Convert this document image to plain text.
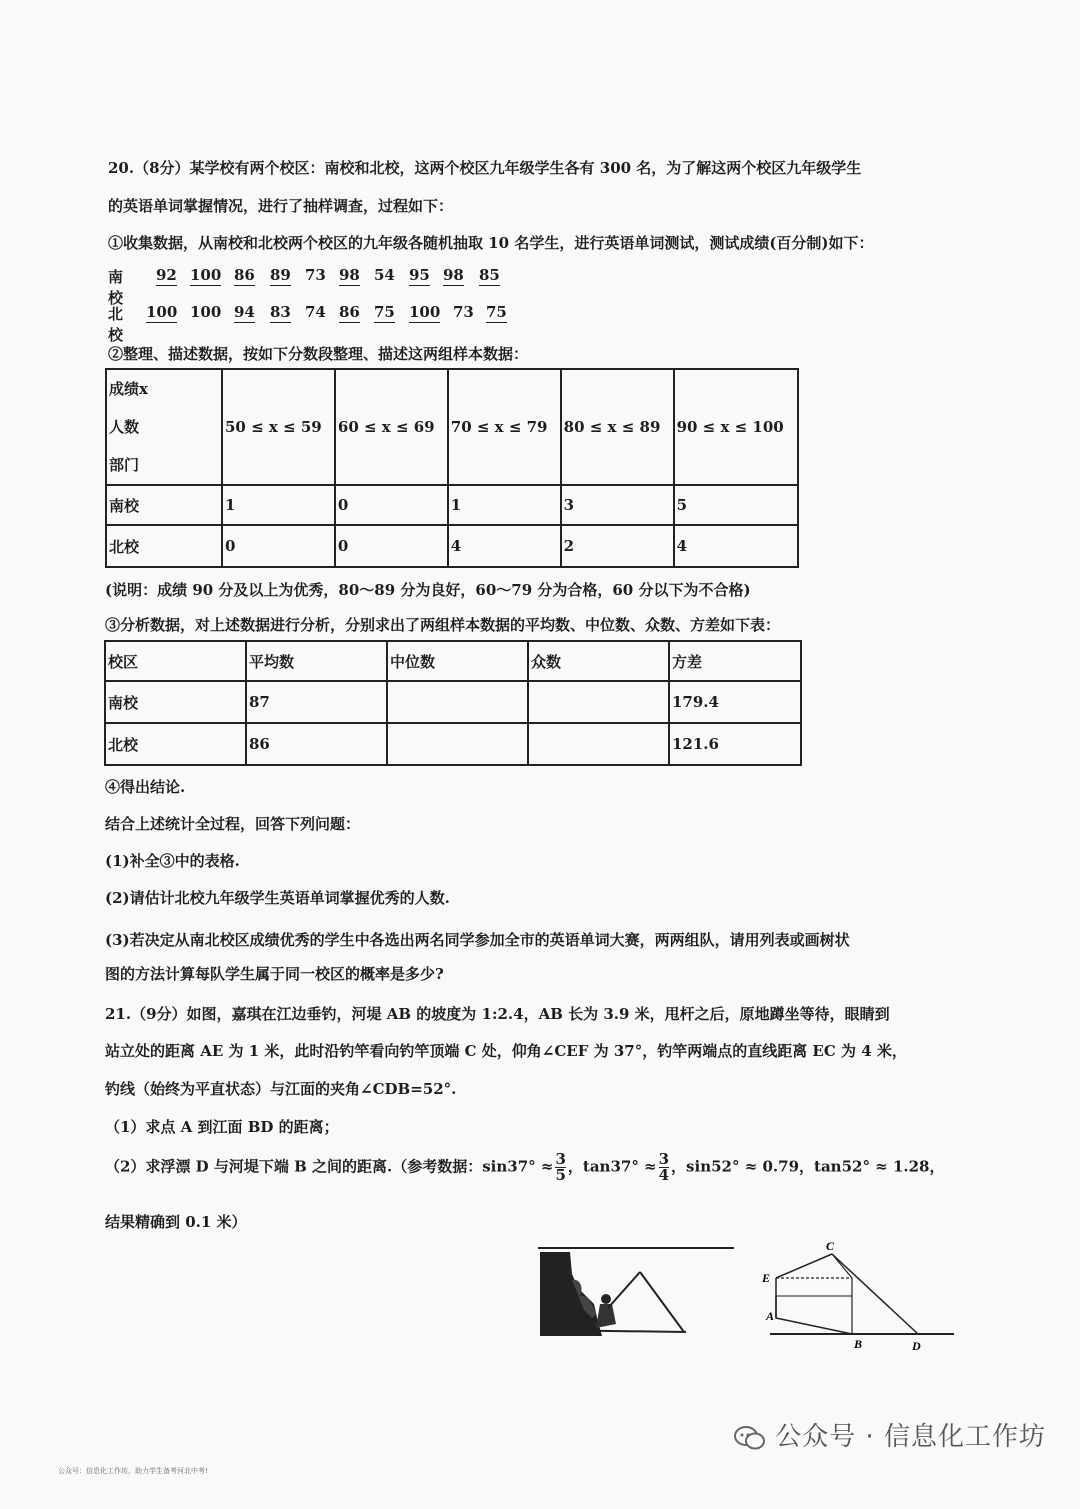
20.（8分）某学校有两个校区：南校和北校，这两个校区九年级学生各有 300 名，为了解这两个校区九年级学生
的英语单词掌握情况，进行了抽样调查，过程如下：
①收集数据，从南校和北校两个校区的九年级各随机抽取 10 名学生，进行英语单词测试，测试成绩(百分制)如下：
南校
92 100 86 89 73 98 54 95 98 85
北校
100 100 94 83 74 86 75 100 73 75
②整理、描述数据，按如下分数段整理、描述这两组样本数据：
成绩x
人数
部门	50 ≤ x ≤ 59	60 ≤ x ≤ 69	70 ≤ x ≤ 79	80 ≤ x ≤ 89	90 ≤ x ≤ 100
南校	1	0	1	3	5
北校	0	0	4	2	4
(说明：成绩 90 分及以上为优秀，80～89 分为良好，60～79 分为合格，60 分以下为不合格)
③分析数据，对上述数据进行分析，分别求出了两组样本数据的平均数、中位数、众数、方差如下表：
校区	平均数	中位数	众数	方差
南校	87			179.4
北校	86			121.6
④得出结论.
结合上述统计全过程，回答下列问题：
(1)补全③中的表格.
(2)请估计北校九年级学生英语单词掌握优秀的人数.
(3)若决定从南北校区成绩优秀的学生中各选出两名同学参加全市的英语单词大赛，两两组队，请用列表或画树状
图的方法计算每队学生属于同一校区的概率是多少?
21.（9分）如图，嘉琪在江边垂钓，河堤 AB 的坡度为 1:2.4，AB 长为 3.9 米，甩杆之后，原地蹲坐等待，眼睛到
站立处的距离 AE 为 1 米，此时沿钓竿看向钓竿顶端 C 处，仰角∠CEF 为 37°，钓竿两端点的直线距离 EC 为 4 米，
钓线（始终为平直状态）与江面的夹角∠CDB=52°.
（1）求点 A 到江面 BD 的距离；
（2）求浮漂 D 与河堤下端 B 之间的距离.（参考数据：$\sin 37^\circ \approx \frac{3}{5}$ ，$\tan 37^\circ \approx \frac{3}{4}$ ，sin52° ≈ 0.79，tan52° ≈ 1.28，
结果精确到 0.1 米）
C
E
A
B	D
公众号 · 信息化工作坊
公众号：信息化工作坊，助力学生备考河北中考!
